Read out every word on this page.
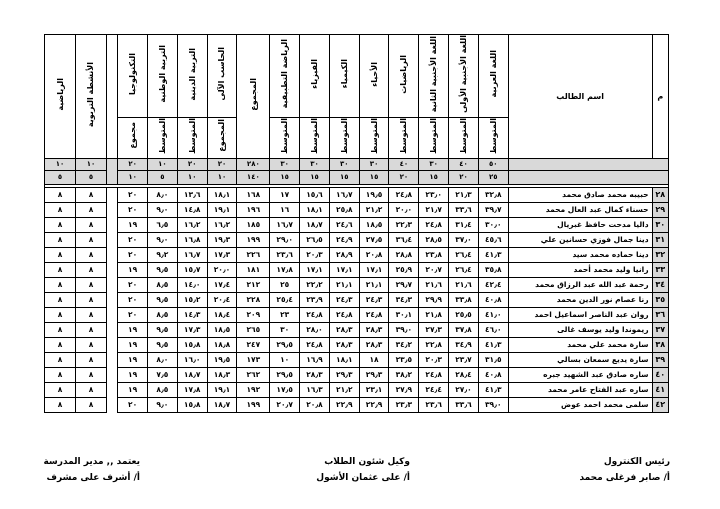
م	اسم الطالب	اللغة العربية	اللغة الأجنبية الأولى	اللغة الأجنبية الثانية	الرياضيات	الأحياء	الكيمياء	الفيزياء	الرياضة التطبيقية	المجموع	الحاسب الآلى	التربية الدينية	التربية الوطنية	التكنولوجيا		الأنشطة التربوية	الرياضية
		المتوسط	المتوسط	المتوسط	المتوسط	المتوسط	المتوسط	المتوسط	المتوسط		المجموع	المتوسط	المتوسط	مجموع			
		٥٠	٤٠	٣٠	٤٠	٣٠	٣٠	٣٠	٣٠	٢٨٠	٢٠	٢٠	١٠	٢٠		١٠	١٠
		٢٥	٢٠	١٥	٢٠	١٥	١٥	١٥	١٥	١٤٠	١٠	١٠	٥	١٠		٥	٥

٢٨	حبيبه محمد صادق محمد	٣٢٫٨	٢١٫٣	٢٣٫٠	٢٤٫٨	١٩٫٥	١٦٫٧	١٥٫٦	١٧	١٦٨	١٨٫١	١٣٫٦	٨٫٠	٢٠		٨	٨
٢٩	حسناء كمال عبد العال محمد	٣٩٫٧	٣٣٫٦	٢١٫٧	٢٠٫٠	٢١٫٢	٢٥٫٨	١٨٫١	١٦	١٩٦	١٩٫١	١٤٫٨	٩٫٠	٢٠		٨	٨
٣٠	داليا مدحت حافظ غبريال	٣٠٫٠	٣١٫٤	٢٤٫٨	٢٢٫٣	١٨٫٥	٢٤٫٦	١٨٫٧	١٦٫٧	١٨٥	١٦٫٢	١٦٫٢	٦٫٥	١٩		٨	٨
٣١	دينا جمال فوزي حسانين علي	٤٥٫٦	٣٧٫٠	٢٨٫٥	٣٦٫٤	٢٧٫٥	٢٤٫٩	٢٦٫٥	٢٩٫٠	١٩٩	١٩٫٣	١٦٫٨	٩٫٠	٢٠		٨	٨
٣٢	دينا حماده محمد سيد	٤١٫٣	٢٦٫٤	٢٣٫٨	٢٨٫٨	٢٠٫٨	٢٨٫٩	٢٠٫٣	٢٣٫٦	٢٢٦	١٧٫٣	١٦٫٧	٩٫٢	٢٠		٨	٨
٣٣	رانيا وليد محمد أحمد	٣٥٫٨	٢٦٫٤	٢٠٫٧	٢٥٫٩	١٧٫١	١٧٫١	١٧٫١	١٧٫٨	١٨١	٢٠٫٠	١٥٫٧	٩٫٥	١٩		٨	٨
٣٤	رحمة عبد الله عبد الرزاق محمد	٤٢٫٤	٢١٫٦	٢١٫٦	٢٩٫٧	٢١٫١	٢١٫١	٢٢٫٢	٢٥	٢١٢	١٧٫٤	١٤٫٠	٨٫٥	٢٠		٨	٨
٣٥	رنا عصام نور الدين محمد	٤٠٫٨	٣٣٫٨	٢٩٫٩	٣٤٫٣	٢٤٫٣	٢٤٫٣	٢٣٫٩	٢٥٫٤	٢٢٨	٢٠٫٤	١٥٫٢	٩٫٥	٢٠		٨	٨
٣٦	روان عبد الناصر اسماعيل احمد	٤١٫٠	٢٥٫٥	٢١٫٨	٣٠٫١	٢٤٫٨	٢٤٫٨	٢٤٫٨	٢٣	٢٠٩	١٨٫٤	١٤٫٣	٨٫٥	٢٠		٨	٨
٣٧	ريموندا وليد يوسف غالى	٤٦٫٠	٣٧٫٨	٢٧٫٣	٣٩٫٠	٢٨٫٣	٢٨٫٣	٢٨٫٠	٣٠	٢٦٥	١٨٫٥	١٧٫٣	٩٫٥	١٩		٨	٨
٣٨	سارة محمد علي محمد	٤١٫٣	٣٤٫٩	٢٢٫٨	٣٤٫٢	٢٨٫٣	٢٨٫٣	٢٤٫٨	٢٩٫٥	٢٤٧	١٨٫٨	١٥٫٨	٩٫٥	١٩		٨	٨
٣٩	سارة يديع سمعان بسالي	٣١٫٥	٢٣٫٧	٢٠٫٣	٢٣٫٥	١٨	١٨٫١	١٦٫٩	١٠	١٧٣	١٩٫٥	١٦٫٠	٨٫٠	١٩		٨	٨
٤٠	ساره صادق عبد الشهيد جبره	٤٠٫٨	٢٨٫٤	٢٤٫٨	٣٨٫٢	٢٩٫٣	٢٩٫٣	٢٨٫٣	٢٩٫٥	٢٦٢	١٨٫٣	١٨٫٧	٧٫٥	١٩		٨	٨
٤١	ساره عبد الفتاح عامر محمد	٤١٫٣	٢٧٫٠	٢٤٫٤	٢٧٫٩	٢٣٫١	٢١٫٢	١٦٫٣	١٧٫٥	١٩٢	١٩٫١	١٧٫٨	٨٫٥	١٩		٨	٨
٤٢	سلمى محمد احمد عوض	٣٩٫٠	٣٣٫٦	٢٣٫٦	٢٣٫٣	٢٢٫٩	٢٢٫٩	٢٠٫٨	٢٠٫٧	١٩٩	١٨٫٧	١٥٫٨	٩٫٠	٢٠		٨	٨
رئيس الكنترول
أ/ صابر فرغلى محمد
وكيل شئون الطلاب
أ/ على عثمان الأشول
يعتمد ,, مدير المدرسة
أ/ أشرف على مشرف
